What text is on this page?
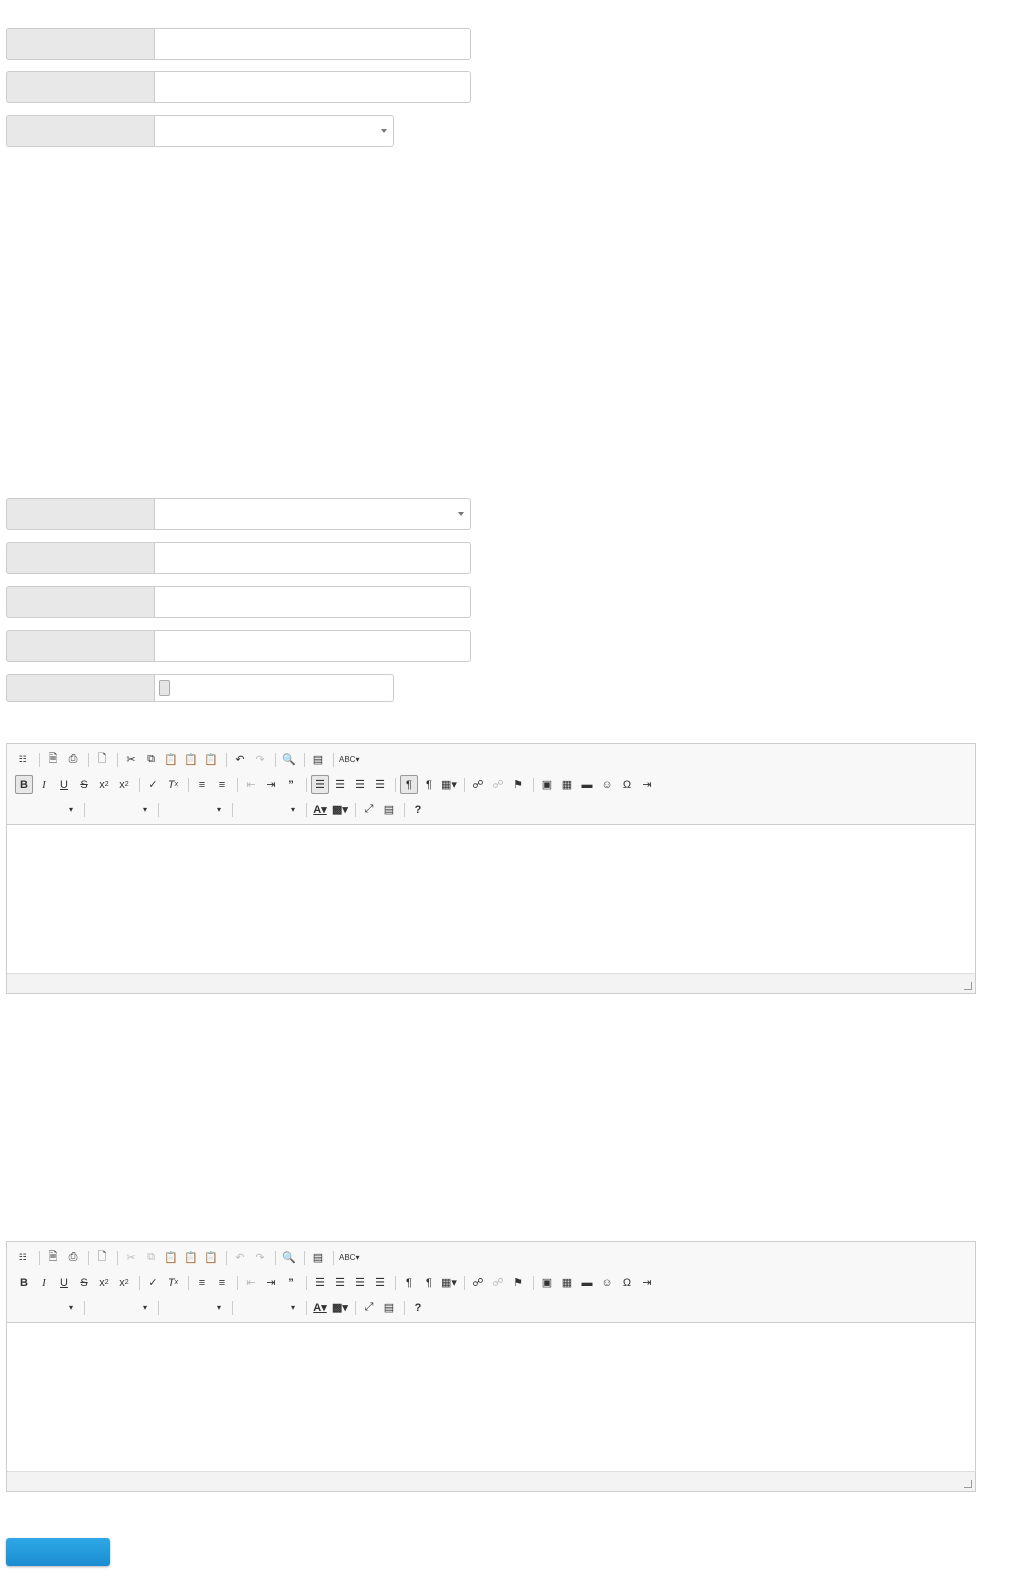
☷	🗎	⎙	🗋	✂	⧉ 📋 📋 📋	↶ ↷	🔍	▤	ABC▾
B	I	U	S	x 2 x 2	✓ T x	≡	≡	⇤ ⇥	”	☰ ☰ ☰ ☰	¶	¶ ▦▾	☍ ☍ ⚑	▣ ▦ ▬ ☺ Ω	⇥
▾	▾	▾	▾ A▾ ▩▾	⤢ ▤	?

☷	🗎	⎙	🗋	✂	⧉ 📋 📋 📋	↶ ↷	🔍	▤	ABC▾
B	I	U	S	x 2 x 2	✓ T x	≡	≡	⇤ ⇥	”	☰ ☰ ☰ ☰	¶	¶ ▦▾	☍ ☍ ⚑	▣ ▦ ▬ ☺ Ω	⇥
▾	▾	▾	▾ A▾ ▩▾	⤢ ▤	?
